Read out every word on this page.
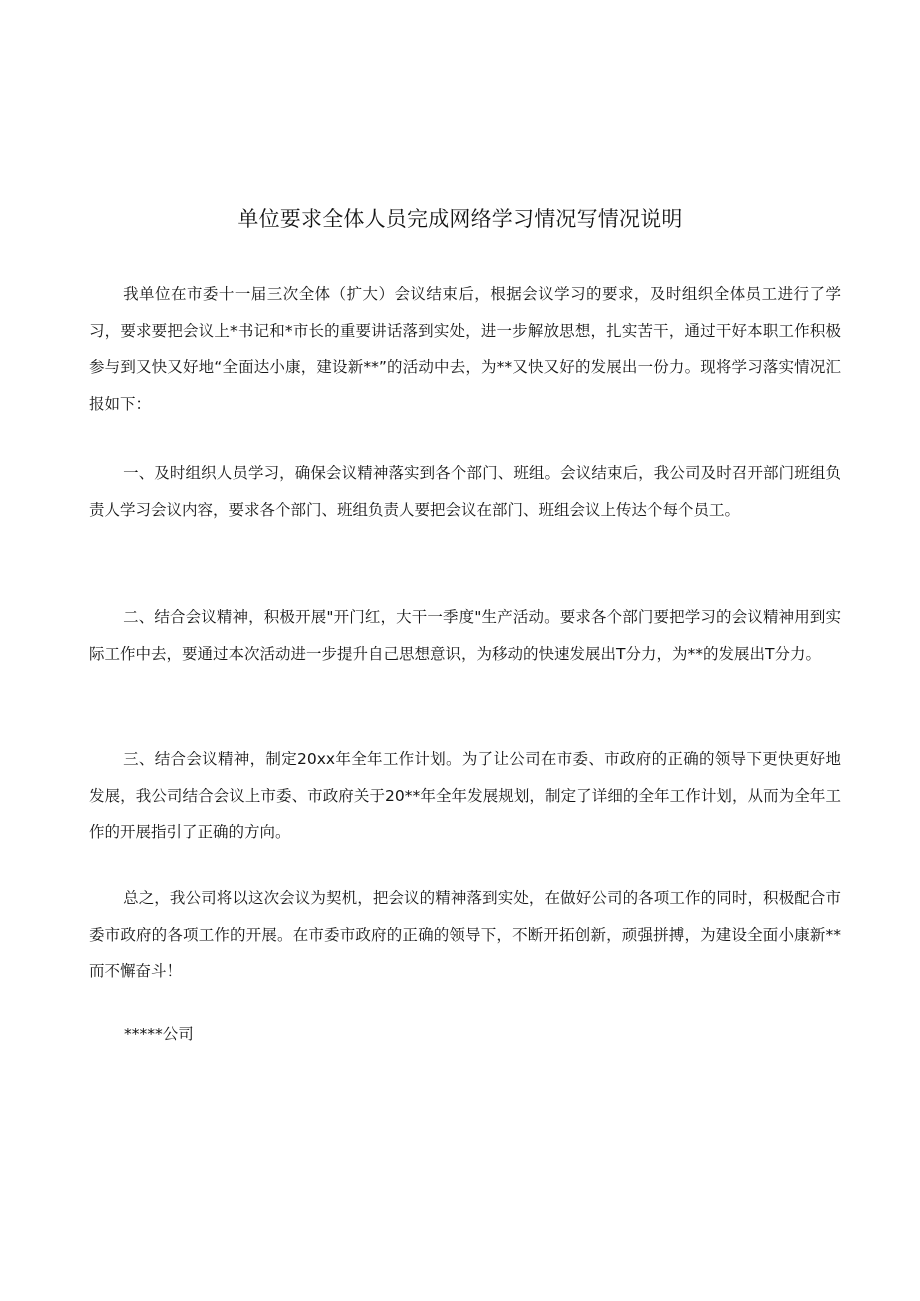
单位要求全体人员完成网络学习情况写情况说明

我单位在市委十一届三次全体（扩大）会议结束后，根据会议学习的要求，及时组织全体员工进行了学习，要求要把会议上*书记和*市长的重要讲话落到实处，进一步解放思想，扎实苦干，通过干好本职工作积极参与到又快又好地“全面达小康，建设新**”的活动中去，为**又快又好的发展出一份力。现将学习落实情况汇报如下：

一、及时组织人员学习，确保会议精神落实到各个部门、班组。会议结束后，我公司及时召开部门班组负责人学习会议内容，要求各个部门、班组负责人要把会议在部门、班组会议上传达个每个员工。

二、结合会议精神，积极开展"开门红，大干一季度"生产活动。要求各个部门要把学习的会议精神用到实际工作中去，要通过本次活动进一步提升自己思想意识，为移动的快速发展出T分力，为**的发展出T分力。

三、结合会议精神，制定20xx年全年工作计划。为了让公司在市委、市政府的正确的领导下更快更好地发展，我公司结合会议上市委、市政府关于20**年全年发展规划，制定了详细的全年工作计划，从而为全年工作的开展指引了正确的方向。

总之，我公司将以这次会议为契机，把会议的精神落到实处，在做好公司的各项工作的同时，积极配合市委市政府的各项工作的开展。在市委市政府的正确的领导下，不断开拓创新，顽强拼搏，为建设全面小康新**而不懈奋斗！

*****公司
